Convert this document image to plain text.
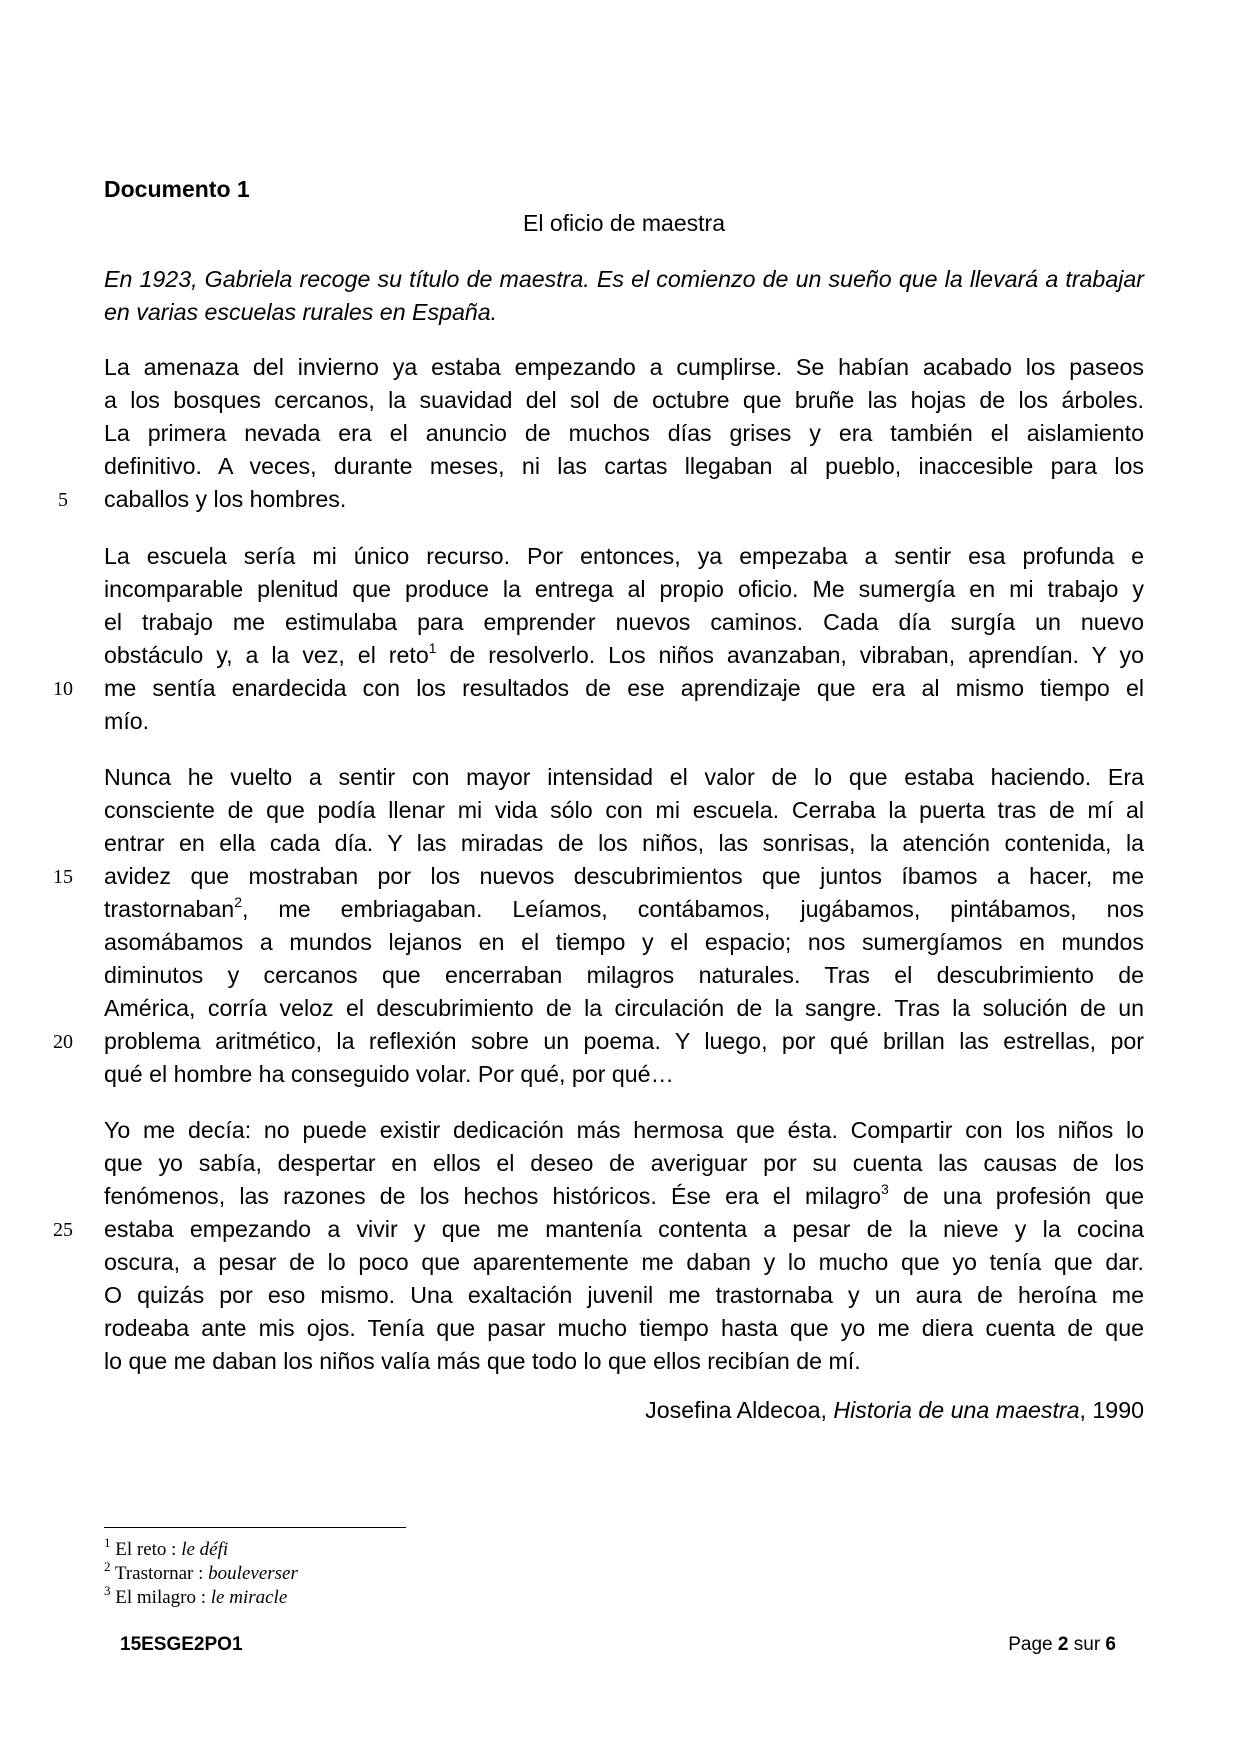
Documento 1
El oficio de maestra
En 1923, Gabriela recoge su título de maestra. Es el comienzo de un sueño que la llevará a trabajar en varias escuelas rurales en España.
La amenaza del invierno ya estaba empezando a cumplirse. Se habían acabado los paseos
a los bosques cercanos, la suavidad del sol de octubre que bruñe las hojas de los árboles.
La primera nevada era el anuncio de muchos días grises y era también el aislamiento
definitivo. A veces, durante meses, ni las cartas llegaban al pueblo, inaccesible para los
caballos y los hombres.
La escuela sería mi único recurso. Por entonces, ya empezaba a sentir esa profunda e
incomparable plenitud que produce la entrega al propio oficio. Me sumergía en mi trabajo y
el trabajo me estimulaba para emprender nuevos caminos. Cada día surgía un nuevo
obstáculo y, a la vez, el reto$^1$ de resolverlo. Los niños avanzaban, vibraban, aprendían. Y yo
me sentía enardecida con los resultados de ese aprendizaje que era al mismo tiempo el
mío.
Nunca he vuelto a sentir con mayor intensidad el valor de lo que estaba haciendo. Era
consciente de que podía llenar mi vida sólo con mi escuela. Cerraba la puerta tras de mí al
entrar en ella cada día. Y las miradas de los niños, las sonrisas, la atención contenida, la
avidez que mostraban por los nuevos descubrimientos que juntos íbamos a hacer, me
trastornaban$^2$, me embriagaban. Leíamos, contábamos, jugábamos, pintábamos, nos
asomábamos a mundos lejanos en el tiempo y el espacio; nos sumergíamos en mundos
diminutos y cercanos que encerraban milagros naturales. Tras el descubrimiento de
América, corría veloz el descubrimiento de la circulación de la sangre. Tras la solución de un
problema aritmético, la reflexión sobre un poema. Y luego, por qué brillan las estrellas, por
qué el hombre ha conseguido volar. Por qué, por qué…
Yo me decía: no puede existir dedicación más hermosa que ésta. Compartir con los niños lo
que yo sabía, despertar en ellos el deseo de averiguar por su cuenta las causas de los
fenómenos, las razones de los hechos históricos. Ése era el milagro$^3$ de una profesión que
estaba empezando a vivir y que me mantenía contenta a pesar de la nieve y la cocina
oscura, a pesar de lo poco que aparentemente me daban y lo mucho que yo tenía que dar.
O quizás por eso mismo. Una exaltación juvenil me trastornaba y un aura de heroína me
rodeaba ante mis ojos. Tenía que pasar mucho tiempo hasta que yo me diera cuenta de que
lo que me daban los niños valía más que todo lo que ellos recibían de mí.
5
10
15
20
25
Josefina Aldecoa, Historia de una maestra, 1990
$^1$ El reto : le défi
$^2$ Trastornar : bouleverser
$^3$ El milagro : le miracle
15ESGE2PO1	Page 2 sur 6
